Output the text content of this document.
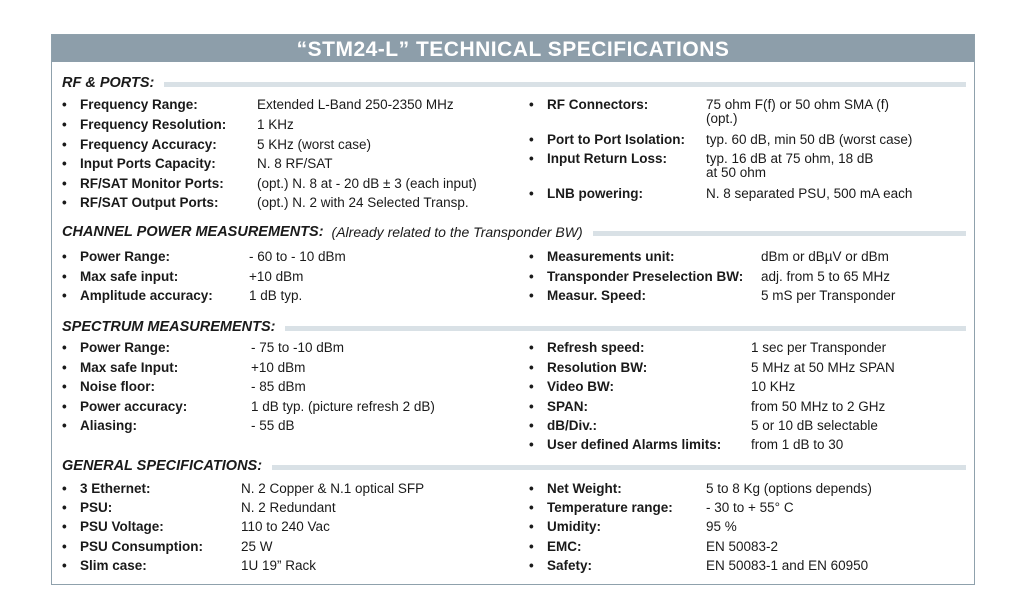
“STM24-L” TECHNICAL SPECIFICATIONS
RF & PORTS:
• Frequency Range:	Extended L-Band 250-2350 MHz
• Frequency Resolution: 1 KHz
• Frequency Accuracy:	5 KHz (worst case)
• Input Ports Capacity:	N. 8 RF/SAT
• RF/SAT Monitor Ports: (opt.) N. 8 at - 20 dB ± 3 (each input)
• RF/SAT Output Ports:	(opt.) N. 2 with 24 Selected Transp.
• RF Connectors:	75 ohm F(f) or 50 ohm SMA (f)
(opt.)
• Port to Port Isolation: typ. 60 dB, min 50 dB (worst case)
• Input Return Loss:	typ. 16 dB at 75 ohm, 18 dB
at 50 ohm
• LNB powering:	N. 8 separated PSU, 500 mA each
CHANNEL POWER MEASUREMENTS: (Already related to the Transponder BW)
• Power Range:	- 60 to - 10 dBm
• Max safe input:	+10 dBm
• Amplitude accuracy:	1 dB typ.
• Measurements unit:	dBm or dBµV or dBm
• Transponder Preselection BW: adj. from 5 to 65 MHz
• Measur. Speed:	5 mS per Transponder
SPECTRUM MEASUREMENTS:
• Power Range:	- 75 to -10 dBm
• Max safe Input:	+10 dBm
• Noise floor:	- 85 dBm
• Power accuracy:	1 dB typ. (picture refresh 2 dB)
• Aliasing:	- 55 dB
• Refresh speed:	1 sec per Transponder
• Resolution BW:	5 MHz at 50 MHz SPAN
• Video BW:	10 KHz
• SPAN:	from 50 MHz to 2 GHz
• dB/Div.:	5 or 10 dB selectable
• User defined Alarms limits: from 1 dB to 30
GENERAL SPECIFICATIONS:
• 3 Ethernet:	N. 2 Copper & N.1 optical SFP
• PSU:	N. 2 Redundant
• PSU Voltage:	110 to 240 Vac
• PSU Consumption:	25 W
• Slim case:	1U 19” Rack
• Net Weight:	5 to 8 Kg (options depends)
• Temperature range: - 30 to + 55° C
• Umidity:	95 %
• EMC:	EN 50083-2
• Safety:	EN 50083-1 and EN 60950
